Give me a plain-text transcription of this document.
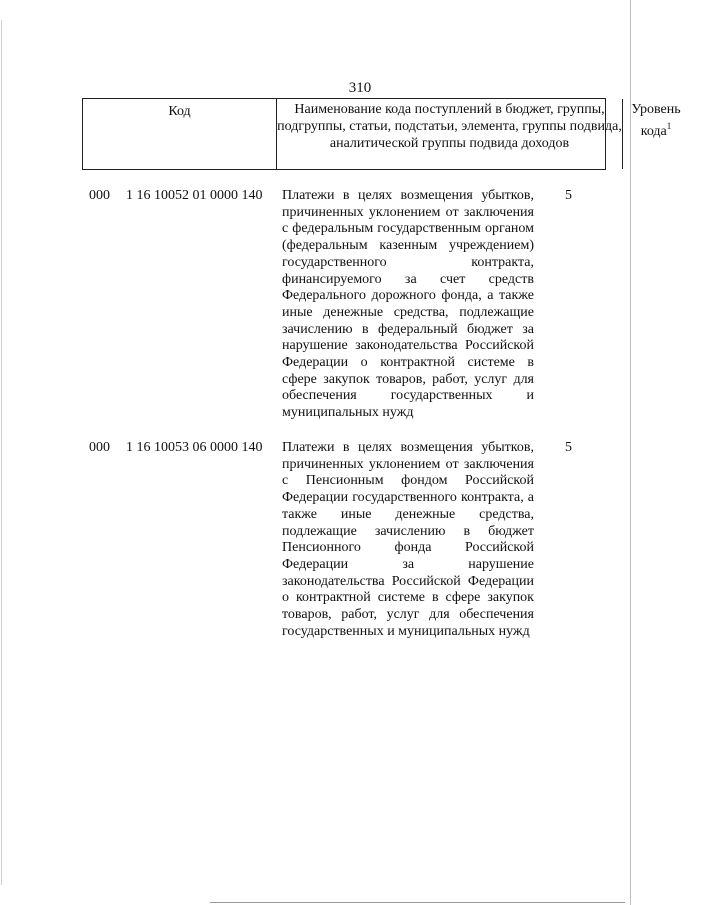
310
Код	Наименование кода поступлений в бюджет, группы, подгруппы, статьи, подстатьи, элемента, группы подвида, аналитической группы подвида доходов
Уровень кода$^1$
000 1 16 10052 01 0000 140 Платежи в целях возмещения убытков, причиненных уклонением от заключения с федеральным государственным органом (федеральным казенным учреждением) государственного контракта, финансируемого за счет средств Федерального дорожного фонда, а также иные денежные средства, подлежащие зачислению в федеральный бюджет за нарушение законодательства Российской Федерации о контрактной системе в сфере закупок товаров, работ, услуг для обеспечения государственных и муниципальных нужд
5
000 1 16 10053 06 0000 140 Платежи в целях возмещения убытков, причиненных уклонением от заключения с Пенсионным фондом Российской Федерации государственного контракта, а также иные денежные средства, подлежащие зачислению в бюджет Пенсионного фонда Российской Федерации за нарушение законодательства Российской Федерации о контрактной системе в сфере закупок товаров, работ, услуг для обеспечения государственных и муниципальных нужд
5
